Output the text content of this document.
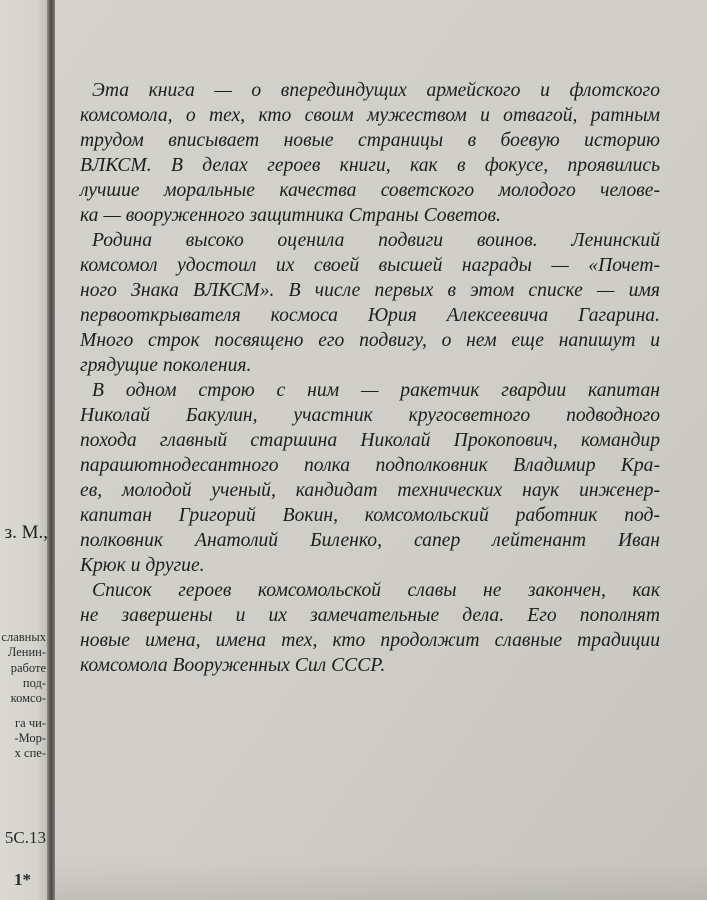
з. М.,
славных
Ленин-
работе
под-
комсо-
га чи-
-Мор-
х спе-
5С.13
1*

Эта книга — о вперединдущих армейского и флотского
комсомола, о тех, кто своим мужеством и отвагой, ратным
трудом вписывает новые страницы в боевую историю
ВЛКСМ. В делах героев книги, как в фокусе, проявились
лучшие моральные качества советского молодого челове-
ка — вооруженного защитника Страны Советов.

Родина высоко оценила подвиги воинов. Ленинский
комсомол удостоил их своей высшей награды — «Почет-
ного Знака ВЛКСМ». В числе первых в этом списке — имя
первооткрывателя космоса Юрия Алексеевича Гагарина.
Много строк посвящено его подвигу, о нем еще напишут и
грядущие поколения.

В одном строю с ним — ракетчик гвардии капитан
Николай Бакулин, участник кругосветного подводного
похода главный старшина Николай Прокопович, командир
парашютнодесантного полка подполковник Владимир Кра-
ев, молодой ученый, кандидат технических наук инженер-
капитан Григорий Вокин, комсомольский работник под-
полковник Анатолий Биленко, сапер лейтенант Иван
Крюк и другие.

Список героев комсомольской славы не закончен, как
не завершены и их замечательные дела. Его пополнят
новые имена, имена тех, кто продолжит славные традиции
комсомола Вооруженных Сил СССР.
